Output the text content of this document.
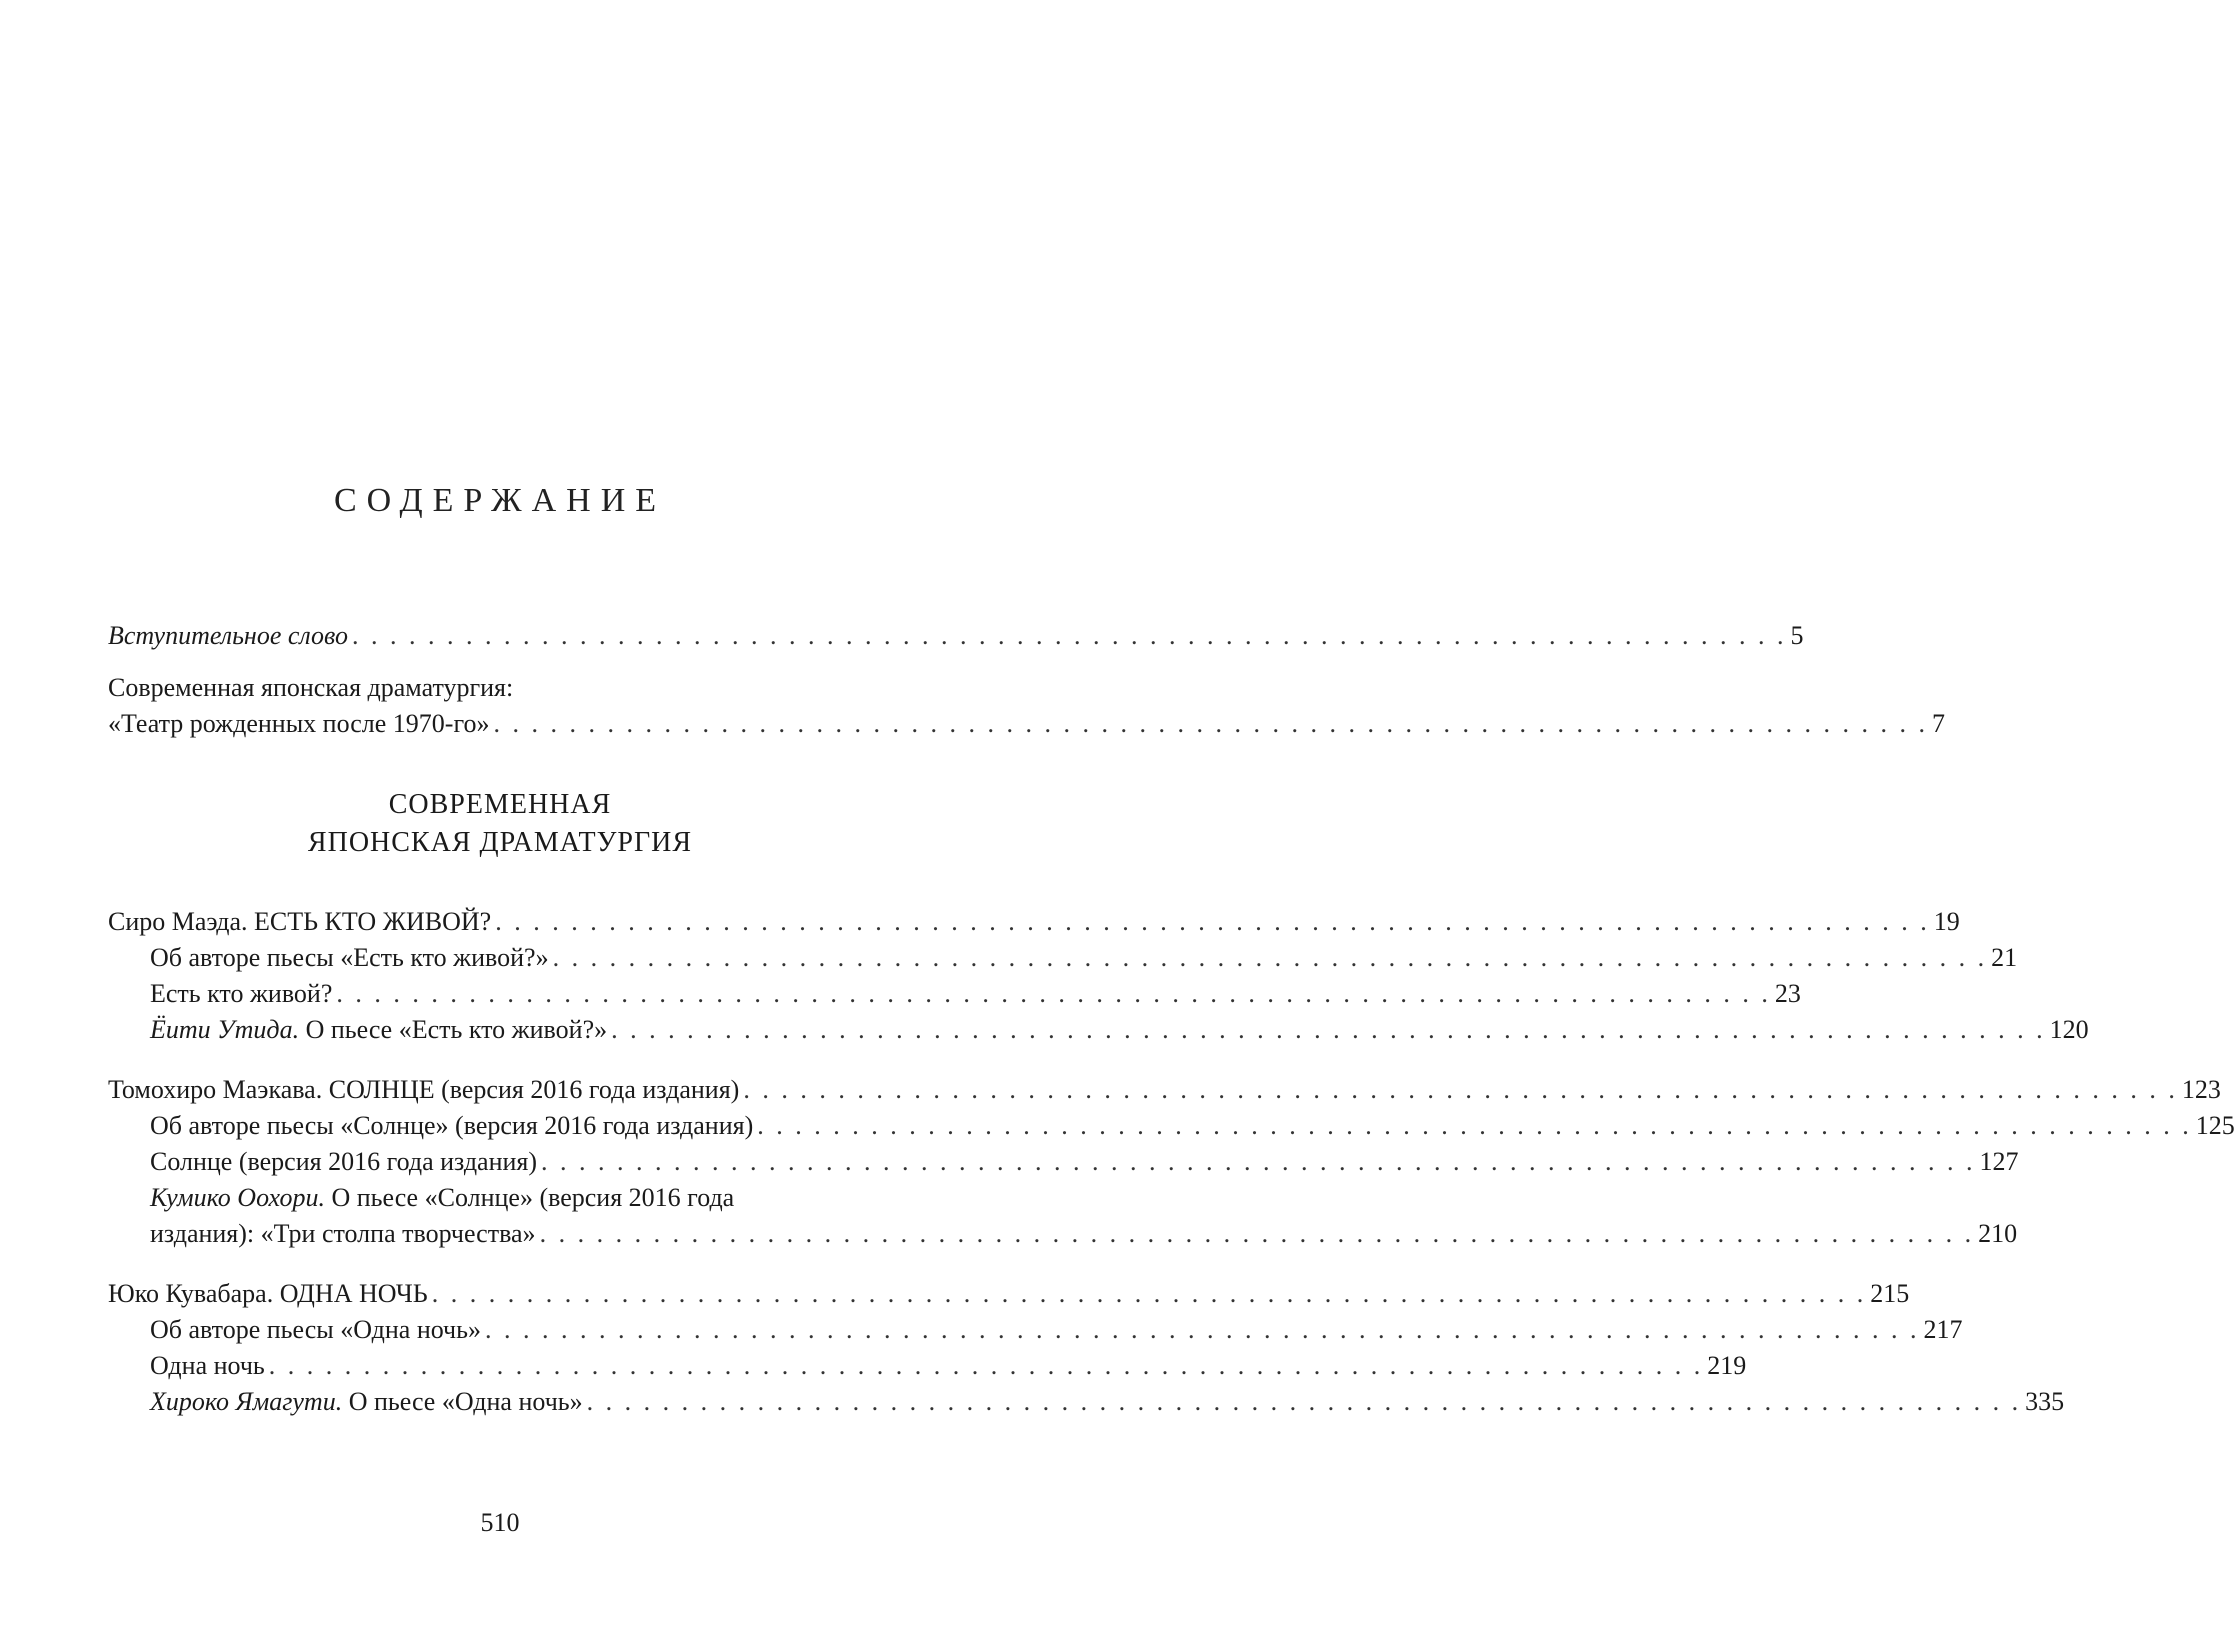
СОДЕРЖАНИЕ
Вступительное слово . . . . . . . . . . . . . . . . . . . . . . . . . . . . . . . . . . . . . . . . . . . . . . . . . . . . . . . . . . . . . . . . . . . . . . . . . . . . 5
Современная японская драматургия:
«Театр рожденных после 1970-го» . . . . . . . . . . . . . . . . . . . . . . . . . . . . . . . . . . . . . . . . . . . . . . . . . . . . . . . . . . . . . . . . . . . . . . . . . . . . 7
СОВРЕМЕННАЯ
ЯПОНСКАЯ ДРАМАТУРГИЯ
Сиро Маэда. ЕСТЬ КТО ЖИВОЙ? . . . . . . . . . . . . . . . . . . . . . . . . . . . . . . . . . . . . . . . . . . . . . . . . . . . . . . . . . . . . . . . . . . . . . . . . . . . . 19
Об авторе пьесы «Есть кто живой?» . . . . . . . . . . . . . . . . . . . . . . . . . . . . . . . . . . . . . . . . . . . . . . . . . . . . . . . . . . . . . . . . . . . . . . . . . . . . 21
Есть кто живой? . . . . . . . . . . . . . . . . . . . . . . . . . . . . . . . . . . . . . . . . . . . . . . . . . . . . . . . . . . . . . . . . . . . . . . . . . . . . 23
Ёити Утида. О пьесе «Есть кто живой?» . . . . . . . . . . . . . . . . . . . . . . . . . . . . . . . . . . . . . . . . . . . . . . . . . . . . . . . . . . . . . . . . . . . . . . . . . . . . 120
Томохиро Маэкава. СОЛНЦЕ (версия 2016 года издания) . . . . . . . . . . . . . . . . . . . . . . . . . . . . . . . . . . . . . . . . . . . . . . . . . . . . . . . . . . . . . . . . . . . . . . . . . . . . 123
Об авторе пьесы «Солнце» (версия 2016 года издания) . . . . . . . . . . . . . . . . . . . . . . . . . . . . . . . . . . . . . . . . . . . . . . . . . . . . . . . . . . . . . . . . . . . . . . . . . . . . 125
Солнце (версия 2016 года издания) . . . . . . . . . . . . . . . . . . . . . . . . . . . . . . . . . . . . . . . . . . . . . . . . . . . . . . . . . . . . . . . . . . . . . . . . . . . . 127
Кумико Оохори. О пьесе «Солнце» (версия 2016 года
издания): «Три столпа творчества» . . . . . . . . . . . . . . . . . . . . . . . . . . . . . . . . . . . . . . . . . . . . . . . . . . . . . . . . . . . . . . . . . . . . . . . . . . . . 210
Юко Кувабара. ОДНА НОЧЬ . . . . . . . . . . . . . . . . . . . . . . . . . . . . . . . . . . . . . . . . . . . . . . . . . . . . . . . . . . . . . . . . . . . . . . . . . . . . 215
Об авторе пьесы «Одна ночь» . . . . . . . . . . . . . . . . . . . . . . . . . . . . . . . . . . . . . . . . . . . . . . . . . . . . . . . . . . . . . . . . . . . . . . . . . . . . 217
Одна ночь . . . . . . . . . . . . . . . . . . . . . . . . . . . . . . . . . . . . . . . . . . . . . . . . . . . . . . . . . . . . . . . . . . . . . . . . . . . . 219
Хироко Ямагути. О пьесе «Одна ночь» . . . . . . . . . . . . . . . . . . . . . . . . . . . . . . . . . . . . . . . . . . . . . . . . . . . . . . . . . . . . . . . . . . . . . . . . . . . . 335
510
